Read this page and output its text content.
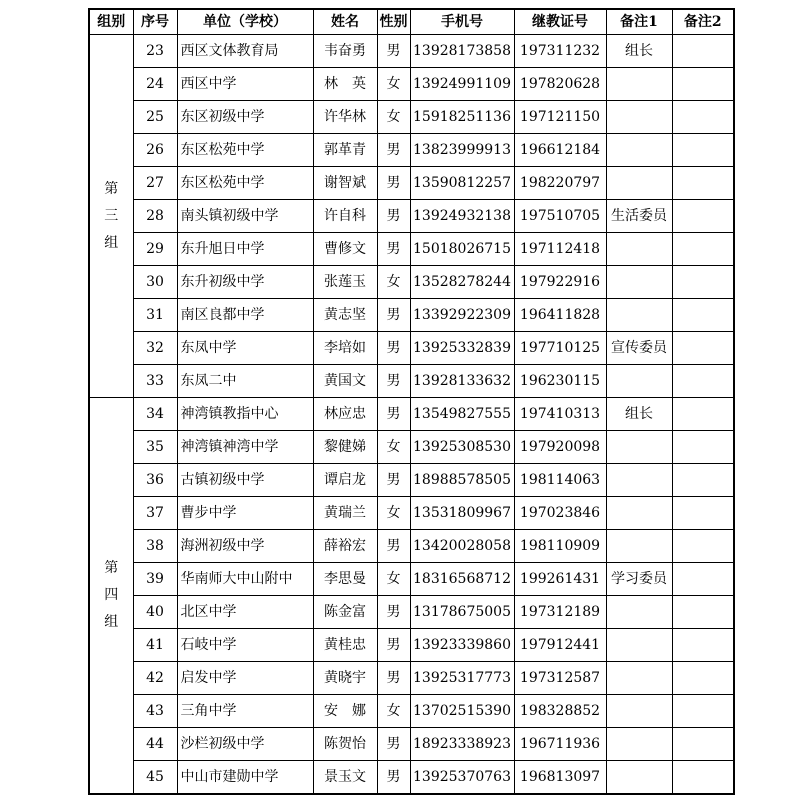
组别	序号	单位（学校）	姓名	性别	手机号	继教证号	备注1	备注2

第三组	23	西区文体教育局	韦奋勇	男	13928173858	197311232	组长	
	24	西区中学	林　英	女	13924991109	197820628		
	25	东区初级中学	许华林	女	15918251136	197121150		
	26	东区松苑中学	郭革青	男	13823999913	196612184		
	27	东区松苑中学	谢智斌	男	13590812257	198220797		
	28	南头镇初级中学	许自科	男	13924932138	197510705	生活委员	
	29	东升旭日中学	曹修文	男	15018026715	197112418		
	30	东升初级中学	张莲玉	女	13528278244	197922916		
	31	南区良都中学	黄志坚	男	13392922309	196411828		
	32	东凤中学	李培如	男	13925332839	197710125	宣传委员	
	33	东凤二中	黄国文	男	13928133632	196230115		

第四组	34	神湾镇教指中心	林应忠	男	13549827555	197410313	组长	
	35	神湾镇神湾中学	黎健娣	女	13925308530	197920098		
	36	古镇初级中学	谭启龙	男	18988578505	198114063		
	37	曹步中学	黄瑞兰	女	13531809967	197023846		
	38	海洲初级中学	薛裕宏	男	13420028058	198110909		
	39	华南师大中山附中	李思曼	女	18316568712	199261431	学习委员	
	40	北区中学	陈金富	男	13178675005	197312189		
	41	石岐中学	黄桂忠	男	13923339860	197912441		
	42	启发中学	黄晓宇	男	13925317773	197312587		
	43	三角中学	安　娜	女	13702515390	198328852		
	44	沙栏初级中学	陈贺怡	男	18923338923	196711936		
	45	中山市建勋中学	景玉文	男	13925370763	196813097		
